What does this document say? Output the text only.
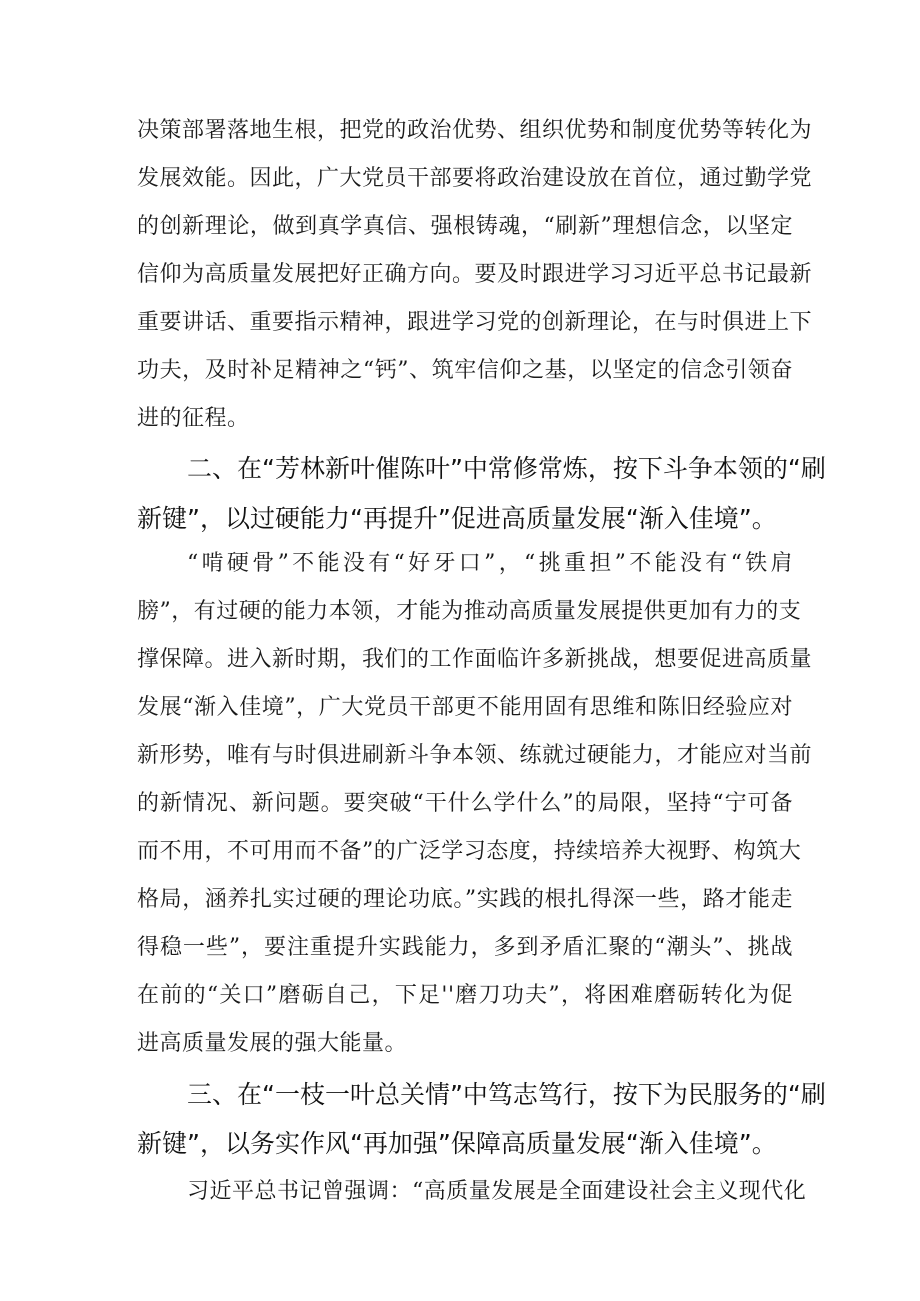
决策部署落地生根，把党的政治优势、组织优势和制度优势等转化为
发展效能。因此，广大党员干部要将政治建设放在首位，通过勤学党
的创新理论，做到真学真信、强根铸魂，“刷新”理想信念，以坚定
信仰为高质量发展把好正确方向。要及时跟进学习习近平总书记最新
重要讲话、重要指示精神，跟进学习党的创新理论，在与时俱进上下
功夫，及时补足精神之“钙”、筑牢信仰之基，以坚定的信念引领奋
进的征程。
二、在“芳林新叶催陈叶”中常修常炼，按下斗争本领的“刷
新键”，以过硬能力“再提升”促进高质量发展“渐入佳境”。
“啃硬骨”不能没有“好牙口”，“挑重担”不能没有“铁肩
膀”，有过硬的能力本领，才能为推动高质量发展提供更加有力的支
撑保障。进入新时期，我们的工作面临许多新挑战，想要促进高质量
发展“渐入佳境”，广大党员干部更不能用固有思维和陈旧经验应对
新形势，唯有与时俱进刷新斗争本领、练就过硬能力，才能应对当前
的新情况、新问题。要突破“干什么学什么”的局限，坚持“宁可备
而不用，不可用而不备”的广泛学习态度，持续培养大视野、构筑大
格局，涵养扎实过硬的理论功底。”实践的根扎得深一些，路才能走
得稳一些”，要注重提升实践能力，多到矛盾汇聚的“潮头”、挑战
在前的“关口”磨砺自己，下足''磨刀功夫”，将困难磨砺转化为促
进高质量发展的强大能量。
三、在“一枝一叶总关情”中笃志笃行，按下为民服务的“刷
新键”，以务实作风“再加强”保障高质量发展“渐入佳境”。
习近平总书记曾强调：“高质量发展是全面建设社会主义现代化
